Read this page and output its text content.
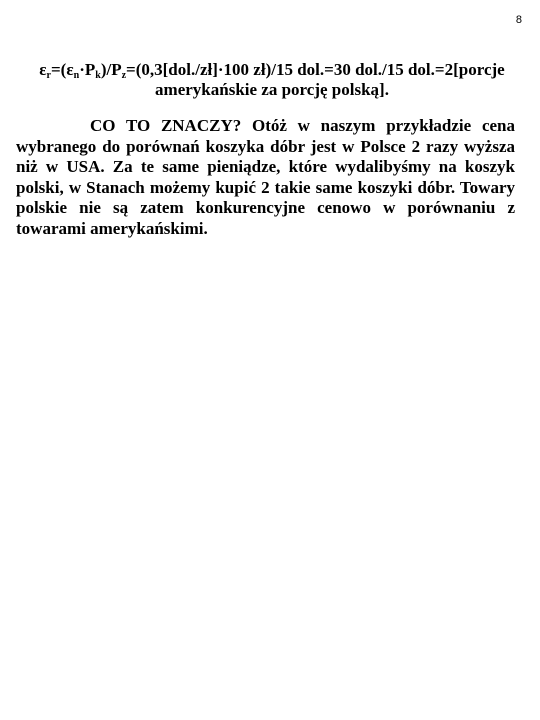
8
$\varepsilon_r=(\varepsilon_n\cdot P_k)/P_z=(0,3[dol./zł]\cdot 100$ zł)/15 dol.=30 dol./15 dol.=2[porcje
amerykańskie za porcję polską].

CO TO ZNACZY? Otóż w naszym przykładzie cena wybranego do porównań koszyka dóbr jest w Polsce 2 razy wyższa niż w USA. Za te same pieniądze, które wydalibyśmy na koszyk polski, w Stanach możemy kupić 2 takie same koszyki dóbr. Towary polskie nie są zatem konkurencyjne cenowo w porównaniu z towarami amerykańskimi.
